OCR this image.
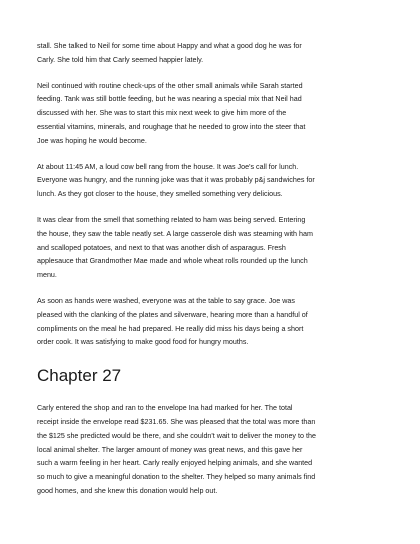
stall. She talked to Neil for some time about Happy and what a good dog he was for
Carly. She told him that Carly seemed happier lately.

Neil continued with routine check-ups of the other small animals while Sarah started
feeding. Tank was still bottle feeding, but he was nearing a special mix that Neil had
discussed with her. She was to start this mix next week to give him more of the
essential vitamins, minerals, and roughage that he needed to grow into the steer that
Joe was hoping he would become.

At about 11:45 AM, a loud cow bell rang from the house. It was Joe's call for lunch.
Everyone was hungry, and the running joke was that it was probably p&j sandwiches for
lunch. As they got closer to the house, they smelled something very delicious.

It was clear from the smell that something related to ham was being served. Entering
the house, they saw the table neatly set. A large casserole dish was steaming with ham
and scalloped potatoes, and next to that was another dish of asparagus. Fresh
applesauce that Grandmother Mae made and whole wheat rolls rounded up the lunch
menu.

As soon as hands were washed, everyone was at the table to say grace. Joe was
pleased with the clanking of the plates and silverware, hearing more than a handful of
compliments on the meal he had prepared. He really did miss his days being a short
order cook. It was satisfying to make good food for hungry mouths.

Chapter 27

Carly entered the shop and ran to the envelope Ina had marked for her. The total
receipt inside the envelope read $231.65. She was pleased that the total was more than
the $125 she predicted would be there, and she couldn't wait to deliver the money to the
local animal shelter. The larger amount of money was great news, and this gave her
such a warm feeling in her heart. Carly really enjoyed helping animals, and she wanted
so much to give a meaningful donation to the shelter. They helped so many animals find
good homes, and she knew this donation would help out.
